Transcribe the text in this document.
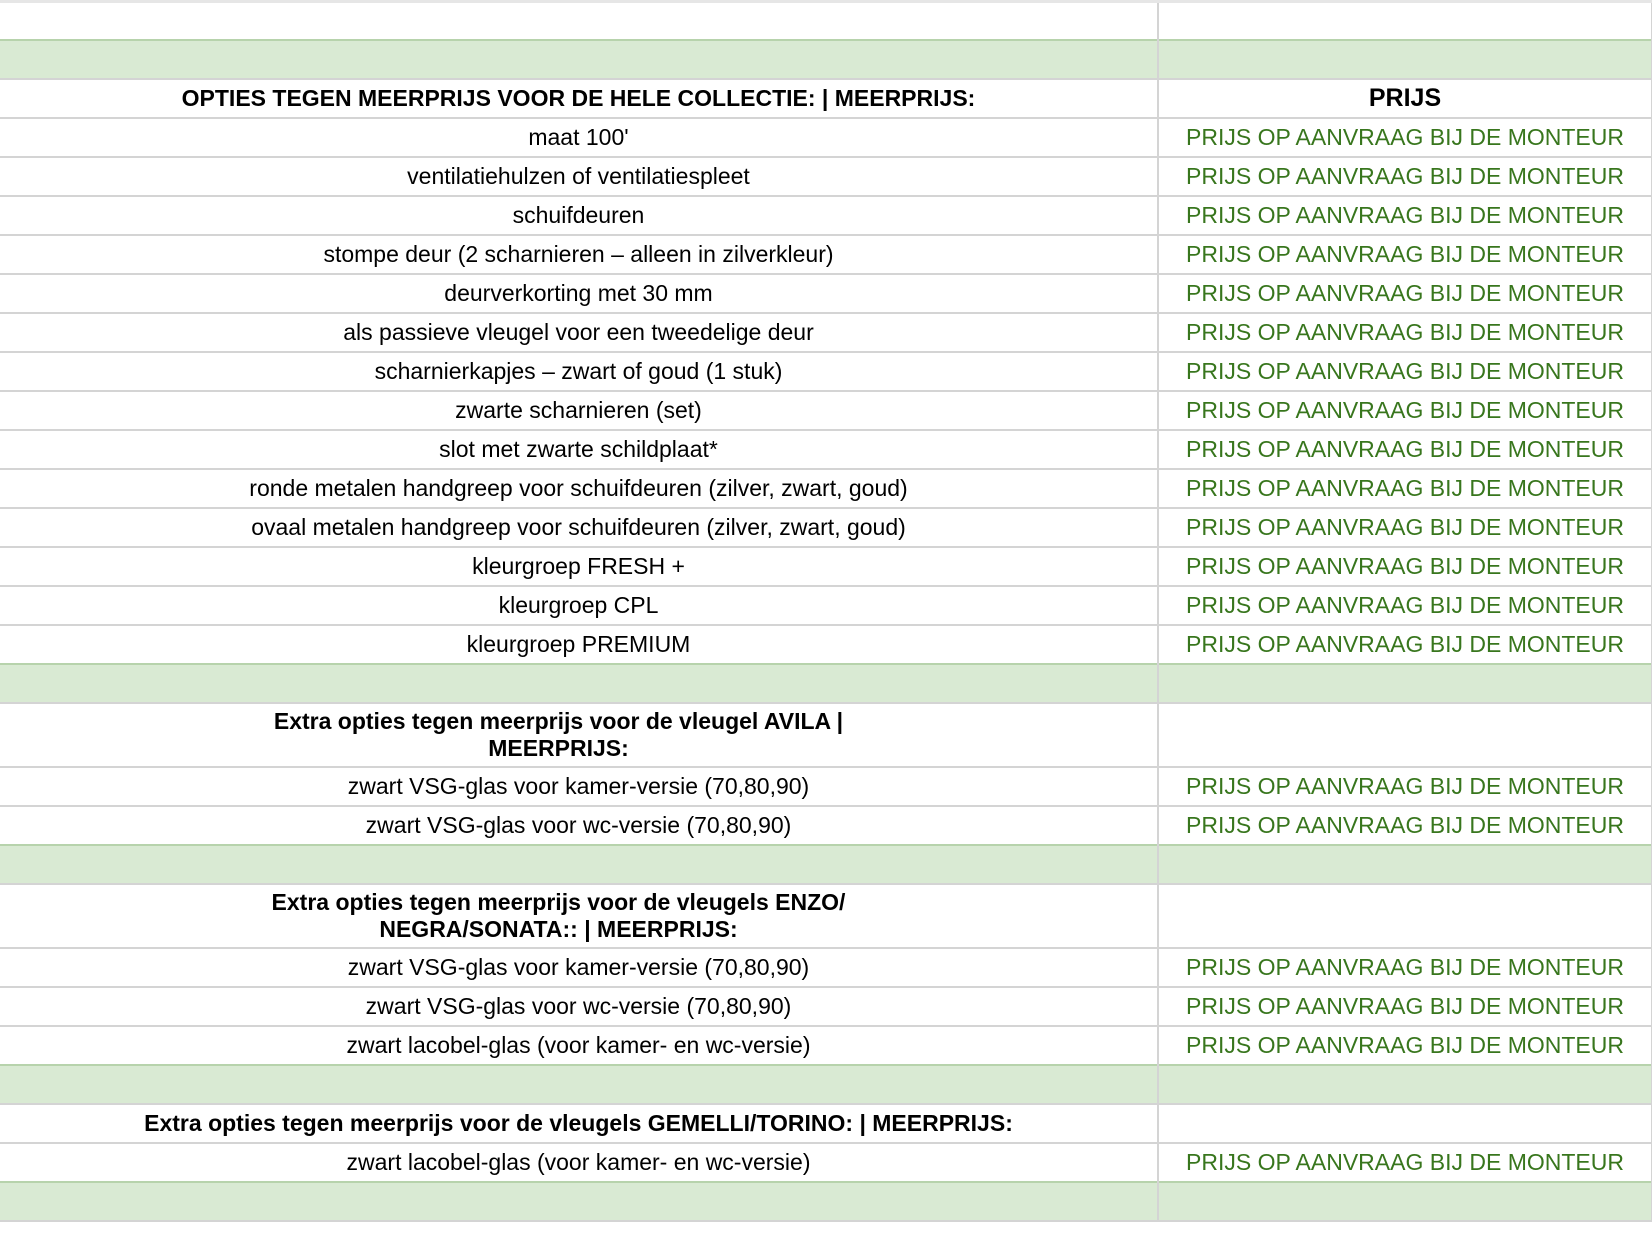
OPTIES TEGEN MEERPRIJS VOOR DE HELE COLLECTIE: | MEERPRIJS:	PRIJS
maat 100'	PRIJS OP AANVRAAG BIJ DE MONTEUR
ventilatiehulzen of ventilatiespleet	PRIJS OP AANVRAAG BIJ DE MONTEUR
schuifdeuren	PRIJS OP AANVRAAG BIJ DE MONTEUR
stompe deur (2 scharnieren – alleen in zilverkleur)	PRIJS OP AANVRAAG BIJ DE MONTEUR
deurverkorting met 30 mm	PRIJS OP AANVRAAG BIJ DE MONTEUR
als passieve vleugel voor een tweedelige deur	PRIJS OP AANVRAAG BIJ DE MONTEUR
scharnierkapjes – zwart of goud (1 stuk)	PRIJS OP AANVRAAG BIJ DE MONTEUR
zwarte scharnieren (set)	PRIJS OP AANVRAAG BIJ DE MONTEUR
slot met zwarte schildplaat*	PRIJS OP AANVRAAG BIJ DE MONTEUR
ronde metalen handgreep voor schuifdeuren (zilver, zwart, goud)	PRIJS OP AANVRAAG BIJ DE MONTEUR
ovaal metalen handgreep voor schuifdeuren (zilver, zwart, goud)	PRIJS OP AANVRAAG BIJ DE MONTEUR
kleurgroep FRESH +	PRIJS OP AANVRAAG BIJ DE MONTEUR
kleurgroep CPL	PRIJS OP AANVRAAG BIJ DE MONTEUR
kleurgroep PREMIUM	PRIJS OP AANVRAAG BIJ DE MONTEUR

Extra opties tegen meerprijs voor de vleugel AVILA | MEERPRIJS:	
zwart VSG-glas voor kamer-versie (70,80,90)	PRIJS OP AANVRAAG BIJ DE MONTEUR
zwart VSG-glas voor wc-versie (70,80,90)	PRIJS OP AANVRAAG BIJ DE MONTEUR

Extra opties tegen meerprijs voor de vleugels ENZO/ NEGRA/SONATA:: | MEERPRIJS:	
zwart VSG-glas voor kamer-versie (70,80,90)	PRIJS OP AANVRAAG BIJ DE MONTEUR
zwart VSG-glas voor wc-versie (70,80,90)	PRIJS OP AANVRAAG BIJ DE MONTEUR
zwart lacobel-glas (voor kamer- en wc-versie)	PRIJS OP AANVRAAG BIJ DE MONTEUR

Extra opties tegen meerprijs voor de vleugels GEMELLI/TORINO: | MEERPRIJS:	
zwart lacobel-glas (voor kamer- en wc-versie)	PRIJS OP AANVRAAG BIJ DE MONTEUR
